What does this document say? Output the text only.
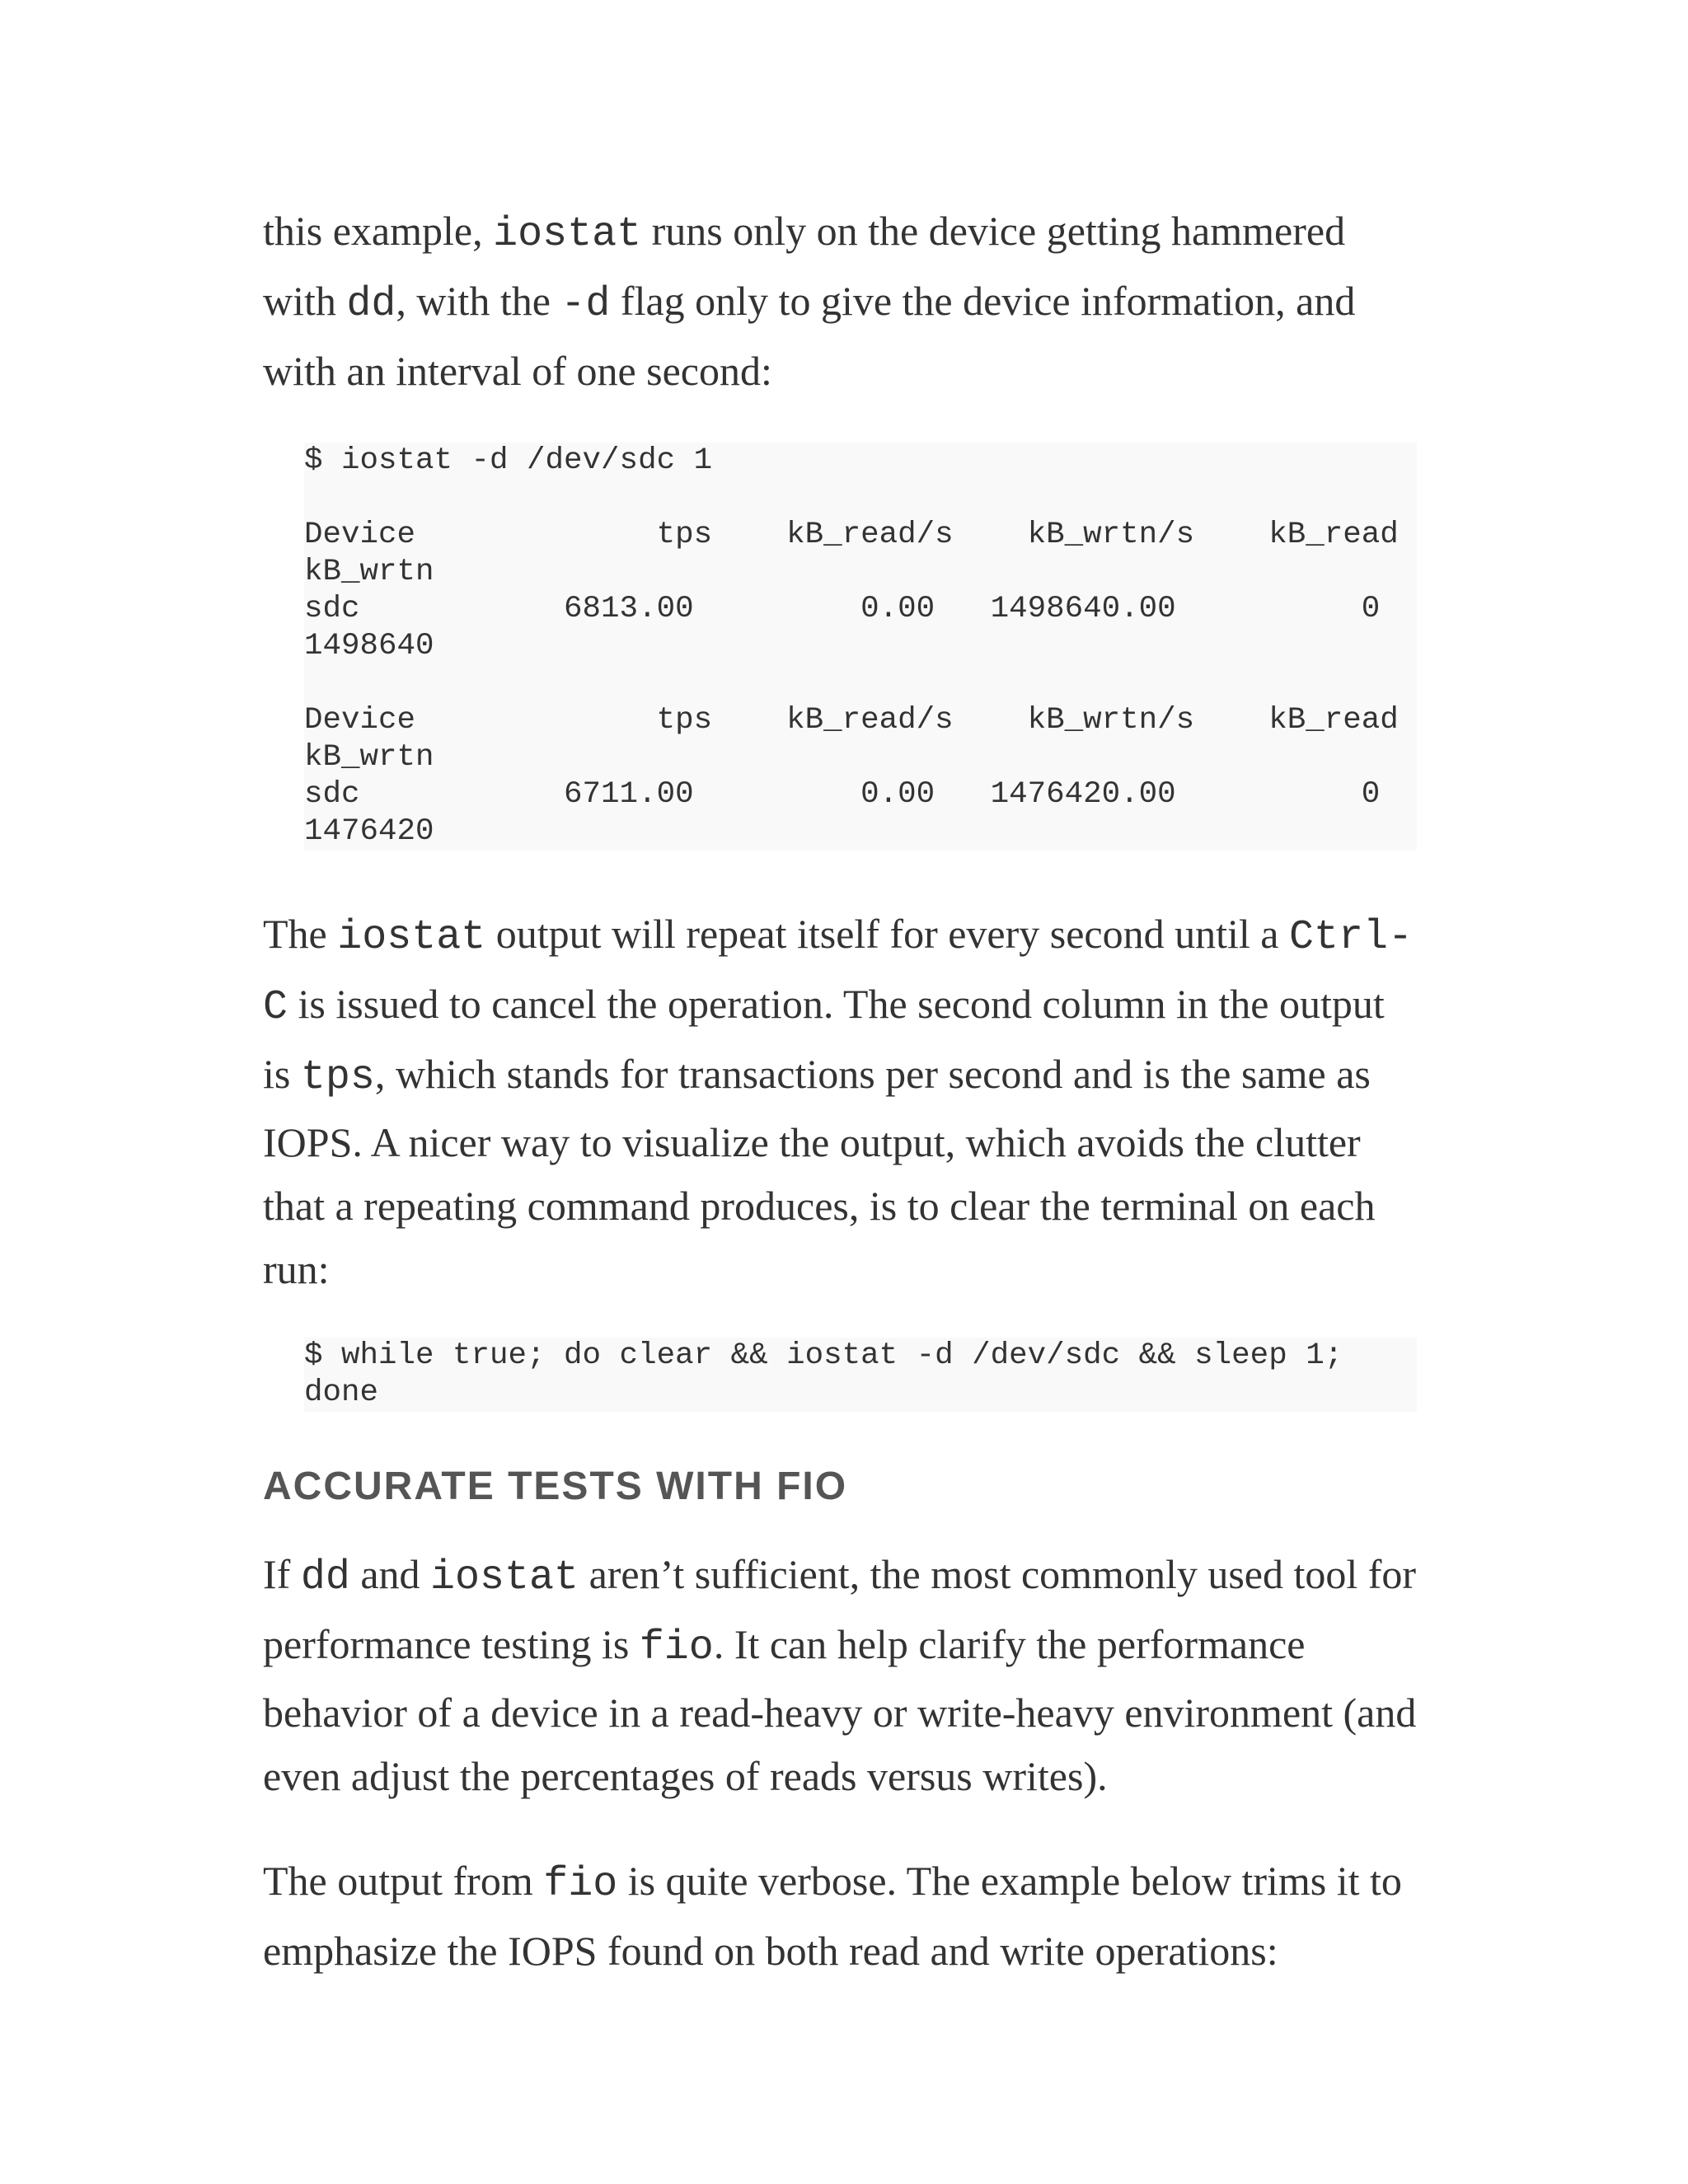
this example, iostat runs only on the device getting hammered

with dd, with the -d flag only to give the device information, and

with an interval of one second:

$ iostat -d /dev/sdc 1

Device             tps    kB_read/s    kB_wrtn/s    kB_read
kB_wrtn
sdc           6813.00         0.00   1498640.00          0
1498640

Device             tps    kB_read/s    kB_wrtn/s    kB_read
kB_wrtn
sdc           6711.00         0.00   1476420.00          0
1476420

The iostat output will repeat itself for every second until a Ctrl-

C is issued to cancel the operation. The second column in the output

is tps, which stands for transactions per second and is the same as

IOPS. A nicer way to visualize the output, which avoids the clutter

that a repeating command produces, is to clear the terminal on each

run:

$ while true; do clear && iostat -d /dev/sdc && sleep 1;
done
ACCURATE TESTS WITH FIO

If dd and iostat aren’t sufficient, the most commonly used tool for

performance testing is fio. It can help clarify the performance

behavior of a device in a read-heavy or write-heavy environment (and

even adjust the percentages of reads versus writes).

The output from fio is quite verbose. The example below trims it to

emphasize the IOPS found on both read and write operations:
